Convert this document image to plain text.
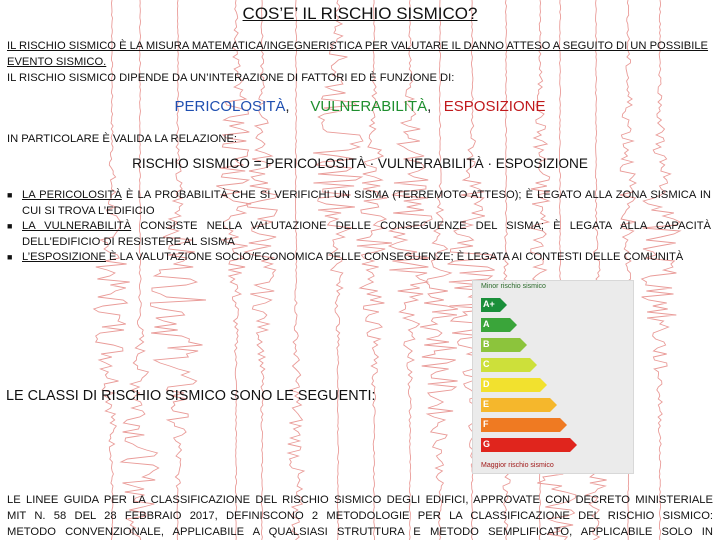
COS’E’ IL RISCHIO SISMICO?
IL RISCHIO SISMICO È LA MISURA MATEMATICA/INGEGNERISTICA PER VALUTARE IL DANNO ATTESO A SEGUITO DI UN POSSIBILE EVENTO SISMICO.
IL RISCHIO SISMICO DIPENDE DA UN’INTERAZIONE DI FATTORI ED È FUNZIONE DI:
PERICOLOSITÀ,     VULNERABILITÀ,   ESPOSIZIONE
IN PARTICOLARE È VALIDA LA RELAZIONE:
RISCHIO SISMICO = PERICOLOSITÀ · VULNERABILITÀ · ESPOSIZIONE
■ LA PERICOLOSITÀ È LA PROBABILITÀ CHE SI VERIFICHI UN SISMA (TERREMOTO ATTESO); È LEGATO ALLA ZONA SISMICA IN CUI SI TROVA L’EDIFICIO
■ LA VULNERABILITÀ CONSISTE NELLA VALUTAZIONE DELLE CONSEGUENZE DEL SISMA; È LEGATA ALLA CAPACITÀ DELL’EDIFICIO DI RESISTERE AL SISMA
■ L’ESPOSIZIONE È LA VALUTAZIONE SOCIO/ECONOMICA DELLE CONSEGUENZE; È LEGATA AI CONTESTI DELLE COMUNITÀ
Minor rischio sismico
A+
A
B
C
D
E
F
G
Maggior rischio sismico
LE CLASSI DI RISCHIO SISMICO SONO LE SEGUENTI:
LE LINEE GUIDA PER LA CLASSIFICAZIONE DEL RISCHIO SISMICO DEGLI EDIFICI, APPROVATE CON DECRETO MINISTERIALE
MIT N. 58 DEL 28 FEBBRAIO 2017, DEFINISCONO 2 METODOLOGIE PER LA CLASSIFICAZIONE DEL RISCHIO SISMICO:
METODO CONVENZIONALE, APPLICABILE A QUALSIASI STRUTTURA E METODO SEMPLIFICATO, APPLICABILE SOLO IN
